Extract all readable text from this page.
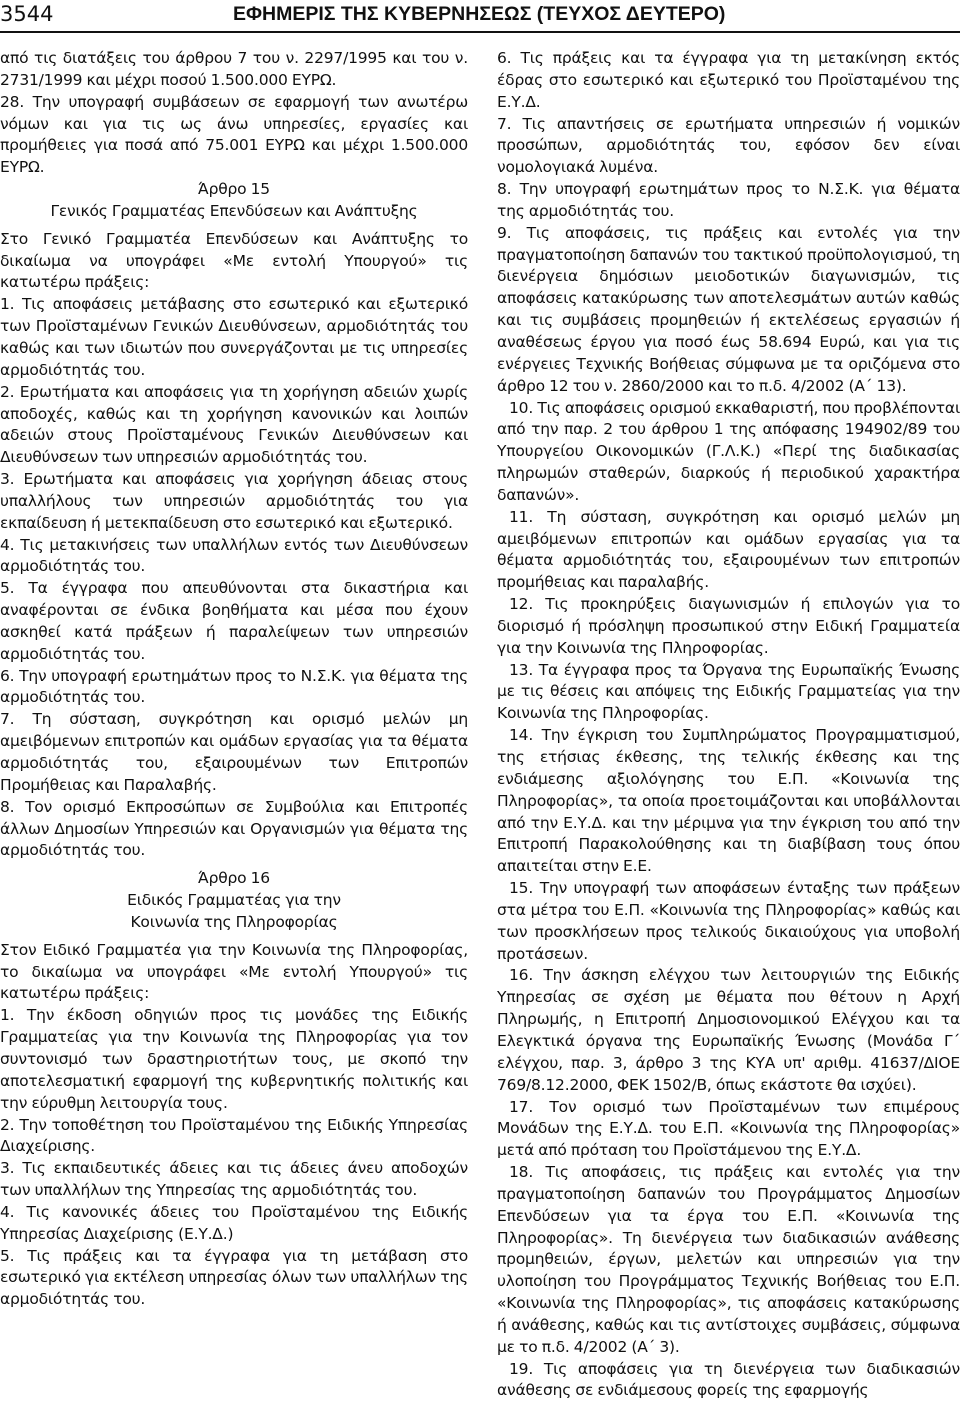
3544	ΕΦΗΜΕΡΙΣ ΤΗΣ ΚΥΒΕΡΝΗΣΕΩΣ (ΤΕΥΧΟΣ ΔΕΥΤΕΡΟ)

από τις διατάξεις του άρθρου 7 του ν. 2297/1995 και του ν. 2731/1999 και μέχρι ποσού 1.500.000 ΕΥΡΩ.

28. Την υπογραφή συμβάσεων σε εφαρμογή των ανωτέρω νόμων και για τις ως άνω υπηρεσίες, εργασίες και προμήθειες για ποσά από 75.001 ΕΥΡΩ και μέχρι 1.500.000 ΕΥΡΩ.

Άρθρο 15

Γενικός Γραμματέας Επενδύσεων και Ανάπτυξης

Στο Γενικό Γραμματέα Επενδύσεων και Ανάπτυξης το δικαίωμα να υπογράφει «Με εντολή Υπουργού» τις κατωτέρω πράξεις:

1. Τις αποφάσεις μετάβασης στο εσωτερικό και εξωτερικό των Προϊσταμένων Γενικών Διευθύνσεων, αρμοδιότητάς του καθώς και των ιδιωτών που συνεργάζονται με τις υπηρεσίες αρμοδιότητάς του.

2. Ερωτήματα και αποφάσεις για τη χορήγηση αδειών χωρίς αποδοχές, καθώς και τη χορήγηση κανονικών και λοιπών αδειών στους Προϊσταμένους Γενικών Διευθύνσεων και Διευθύνσεων των υπηρεσιών αρμοδιότητάς του.

3. Ερωτήματα και αποφάσεις για χορήγηση άδειας στους υπαλλήλους των υπηρεσιών αρμοδιότητάς του για εκπαίδευση ή μετεκπαίδευση στο εσωτερικό και εξωτερικό.

4. Τις μετακινήσεις των υπαλλήλων εντός των Διευθύνσεων αρμοδιότητάς του.

5. Τα έγγραφα που απευθύνονται στα δικαστήρια και αναφέρονται σε ένδικα βοηθήματα και μέσα που έχουν ασκηθεί κατά πράξεων ή παραλείψεων των υπηρεσιών αρμοδιότητάς του.

6. Την υπογραφή ερωτημάτων προς το Ν.Σ.Κ. για θέματα της αρμοδιότητάς του.

7. Τη σύσταση, συγκρότηση και ορισμό μελών μη αμειβόμενων επιτροπών και ομάδων εργασίας για τα θέματα αρμοδιότητάς του, εξαιρουμένων των Επιτροπών Προμήθειας και Παραλαβής.

8. Τον ορισμό Εκπροσώπων σε Συμβούλια και Επιτροπές άλλων Δημοσίων Υπηρεσιών και Οργανισμών για θέματα της αρμοδιότητάς του.

Άρθρο 16

Ειδικός Γραμματέας για την

Κοινωνία της Πληροφορίας

Στον Ειδικό Γραμματέα για την Κοινωνία της Πληροφορίας, το δικαίωμα να υπογράφει «Με εντολή Υπουργού» τις κατωτέρω πράξεις:

1. Την έκδοση οδηγιών προς τις μονάδες της Ειδικής Γραμματείας για την Κοινωνία της Πληροφορίας για τον συντονισμό των δραστηριοτήτων τους, με σκοπό την αποτελεσματική εφαρμογή της κυβερνητικής πολιτικής και την εύρυθμη λειτουργία τους.

2. Την τοποθέτηση του Προϊσταμένου της Ειδικής Υπηρεσίας Διαχείρισης.

3. Τις εκπαιδευτικές άδειες και τις άδειες άνευ αποδοχών των υπαλλήλων της Υπηρεσίας της αρμοδιότητάς του.

4. Τις κανονικές άδειες του Προϊσταμένου της Ειδικής Υπηρεσίας Διαχείρισης (Ε.Υ.Δ.)

5. Τις πράξεις και τα έγγραφα για τη μετάβαση στο εσωτερικό για εκτέλεση υπηρεσίας όλων των υπαλλήλων της αρμοδιότητάς του.

6. Τις πράξεις και τα έγγραφα για τη μετακίνηση εκτός έδρας στο εσωτερικό και εξωτερικό του Προϊσταμένου της Ε.Υ.Δ.

7. Τις απαντήσεις σε ερωτήματα υπηρεσιών ή νομικών προσώπων, αρμοδιότητάς του, εφόσον δεν είναι νομολογιακά λυμένα.

8. Την υπογραφή ερωτημάτων προς το Ν.Σ.Κ. για θέματα της αρμοδιότητάς του.

9. Τις αποφάσεις, τις πράξεις και εντολές για την πραγματοποίηση δαπανών του τακτικού προϋπολογισμού, τη διενέργεια δημόσιων μειοδοτικών διαγωνισμών, τις αποφάσεις κατακύρωσης των αποτελεσμάτων αυτών καθώς και τις συμβάσεις προμηθειών ή εκτελέσεως εργασιών ή αναθέσεως έργου για ποσό έως 58.694 Ευρώ, και για τις ενέργειες Τεχνικής Βοήθειας σύμφωνα με τα οριζόμενα στο άρθρο 12 του ν. 2860/2000 και το π.δ. 4/2002 (Α΄ 13).

10. Τις αποφάσεις ορισμού εκκαθαριστή, που προβλέπονται από την παρ. 2 του άρθρου 1 της απόφασης 194902/89 του Υπουργείου Οικονομικών (Γ.Λ.Κ.) «Περί της διαδικασίας πληρωμών σταθερών, διαρκούς ή περιοδικού χαρακτήρα δαπανών».

11. Τη σύσταση, συγκρότηση και ορισμό μελών μη αμειβόμενων επιτροπών και ομάδων εργασίας για τα θέματα αρμοδιότητάς του, εξαιρουμένων των επιτροπών προμήθειας και παραλαβής.

12. Τις προκηρύξεις διαγωνισμών ή επιλογών για το διορισμό ή πρόσληψη προσωπικού στην Ειδική Γραμματεία για την Κοινωνία της Πληροφορίας.

13. Τα έγγραφα προς τα Όργανα της Ευρωπαϊκής Ένωσης με τις θέσεις και απόψεις της Ειδικής Γραμματείας για την Κοινωνία της Πληροφορίας.

14. Την έγκριση του Συμπληρώματος Προγραμματισμού, της ετήσιας έκθεσης, της τελικής έκθεσης και της ενδιάμεσης αξιολόγησης του Ε.Π. «Κοινωνία της Πληροφορίας», τα οποία προετοιμάζονται και υποβάλλονται από την Ε.Υ.Δ. και την μέριμνα για την έγκριση του από την Επιτροπή Παρακολούθησης και τη διαβίβαση τους όπου απαιτείται στην Ε.Ε.

15. Την υπογραφή των αποφάσεων ένταξης των πράξεων στα μέτρα του Ε.Π. «Κοινωνία της Πληροφορίας» καθώς και των προσκλήσεων προς τελικούς δικαιούχους για υποβολή προτάσεων.

16. Την άσκηση ελέγχου των λειτουργιών της Ειδικής Υπηρεσίας σε σχέση με θέματα που θέτουν η Αρχή Πληρωμής, η Επιτροπή Δημοσιονομικού Ελέγχου και τα Ελεγκτικά όργανα της Ευρωπαϊκής Ένωσης (Μονάδα Γ΄ ελέγχου, παρ. 3, άρθρο 3 της ΚΥΑ υπ' αριθμ. 41637/ΔΙΟΕ 769/8.12.2000, ΦΕΚ 1502/Β, όπως εκάστοτε θα ισχύει).

17. Τον ορισμό των Προϊσταμένων των επιμέρους Μονάδων της Ε.Υ.Δ. του Ε.Π. «Κοινωνία της Πληροφορίας» μετά από πρόταση του Προϊστάμενου της Ε.Υ.Δ.

18. Τις αποφάσεις, τις πράξεις και εντολές για την πραγματοποίηση δαπανών του Προγράμματος Δημοσίων Επενδύσεων για τα έργα του Ε.Π. «Κοινωνία της Πληροφορίας». Τη διενέργεια των διαδικασιών ανάθεσης προμηθειών, έργων, μελετών και υπηρεσιών για την υλοποίηση του Προγράμματος Τεχνικής Βοήθειας του Ε.Π. «Κοινωνία της Πληροφορίας», τις αποφάσεις κατακύρωσης ή ανάθεσης, καθώς και τις αντίστοιχες συμβάσεις, σύμφωνα με το π.δ. 4/2002 (Α΄ 3).

19. Τις αποφάσεις για τη διενέργεια των διαδικασιών ανάθεσης σε ενδιάμεσους φορείς της εφαρμογής
